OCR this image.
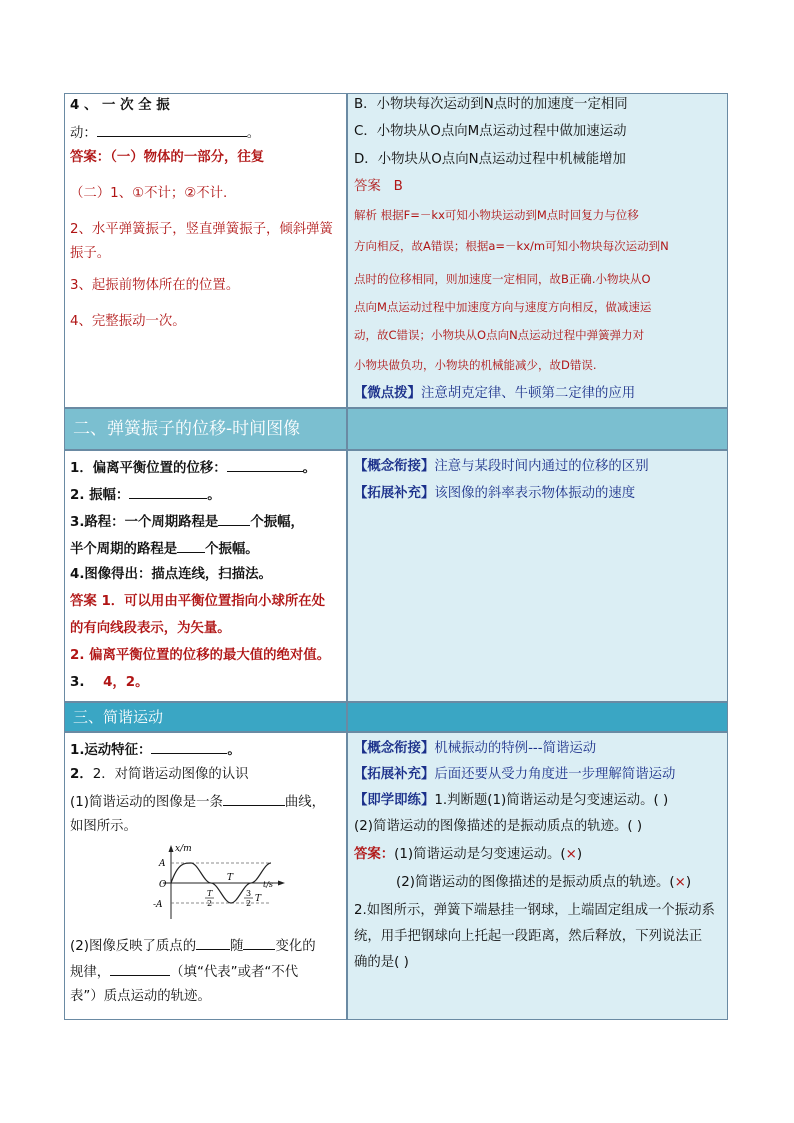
4 、 一 次 全 振
动：	。
答案：（一）物体的一部分，往复
（二）1、①不计；②不计.
2、水平弹簧振子，竖直弹簧振子，倾斜弹簧
振子。
3、起振前物体所在的位置。
4、完整振动一次。
B．小物块每次运动到N点时的加速度一定相同
C．小物块从O点向M点运动过程中做加速运动
D．小物块从O点向N点运动过程中机械能增加
答案 B
解析 根据F=－kx可知小物块运动到M点时回复力与位移
方向相反，故A错误；根据a=－kx/m可知小物块每次运动到N
点时的位移相同，则加速度一定相同，故B正确.小物块从O
点向M点运动过程中加速度方向与速度方向相反，做减速运
动，故C错误；小物块从O点向N点运动过程中弹簧弹力对
小物块做负功，小物块的机械能减少，故D错误.
【微点拨】注意胡克定律、牛顿第二定律的应用
二、弹簧振子的位移-时间图像
1．偏离平衡位置的位移：	。
2. 振幅：	。
3.路程：一个周期路程是 个振幅，
半个周期的路程是 个振幅。
4.图像得出：描点连线，扫描法。
答案 1．可以用由平衡位置指向小球所在处
的有向线段表示，为矢量。
2. 偏离平衡位置的位移的最大值的绝对值。
3. 4，2。
【概念衔接】注意与某段时间内通过的位移的区别
【拓展补充】该图像的斜率表示物体振动的速度
三、简谐运动
1.运动特征：	。
2．2．对简谐运动图像的认识
(1)简谐运动的图像是一条	曲线，
如图所示。
x/m
A
O
-A
T
2
T
3
2 T
t/s
(2)图像反映了质点的	随 变化的
规律，	（填“代表”或者“不代
表”）质点运动的轨迹。
【概念衔接】机械振动的特例---简谐运动
【拓展补充】后面还要从受力角度进一步理解简谐运动
【即学即练】1.判断题(1)简谐运动是匀变速运动。( )
(2)简谐运动的图像描述的是振动质点的轨迹。( )
答案：(1)简谐运动是匀变速运动。(×)
(2)简谐运动的图像描述的是振动质点的轨迹。(×)
2.如图所示，弹簧下端悬挂一钢球，上端固定组成一个振动系
统，用手把钢球向上托起一段距离，然后释放，下列说法正
确的是( )
